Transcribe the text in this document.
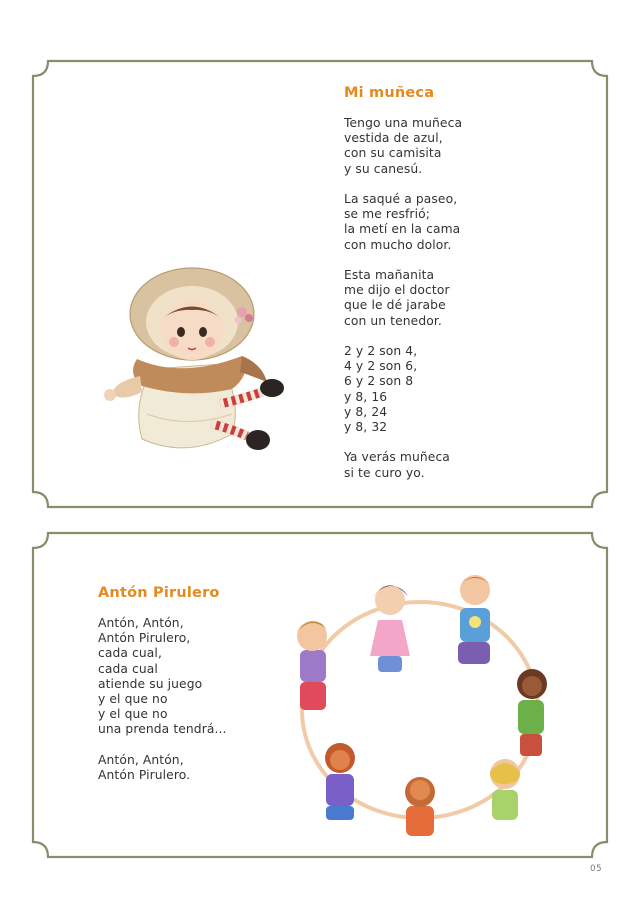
Mi muñeca

Tengo una muñeca
vestida de azul,
con su camisita
y su canesú.

La saqué a paseo,
se me resfrió;
la metí en la cama
con mucho dolor.

Esta mañanita
me dijo el doctor
que le dé jarabe
con un tenedor.

2 y 2 son 4,
4 y 2 son 6,
6 y 2 son 8
y 8, 16
y 8, 24
y 8, 32

Ya verás muñeca
si te curo yo.

Antón Pirulero

Antón, Antón,
Antón Pirulero,
cada cual,
cada cual
atiende su juego
y el que no
y el que no
una prenda tendrá...

Antón, Antón,
Antón Pirulero.

05
